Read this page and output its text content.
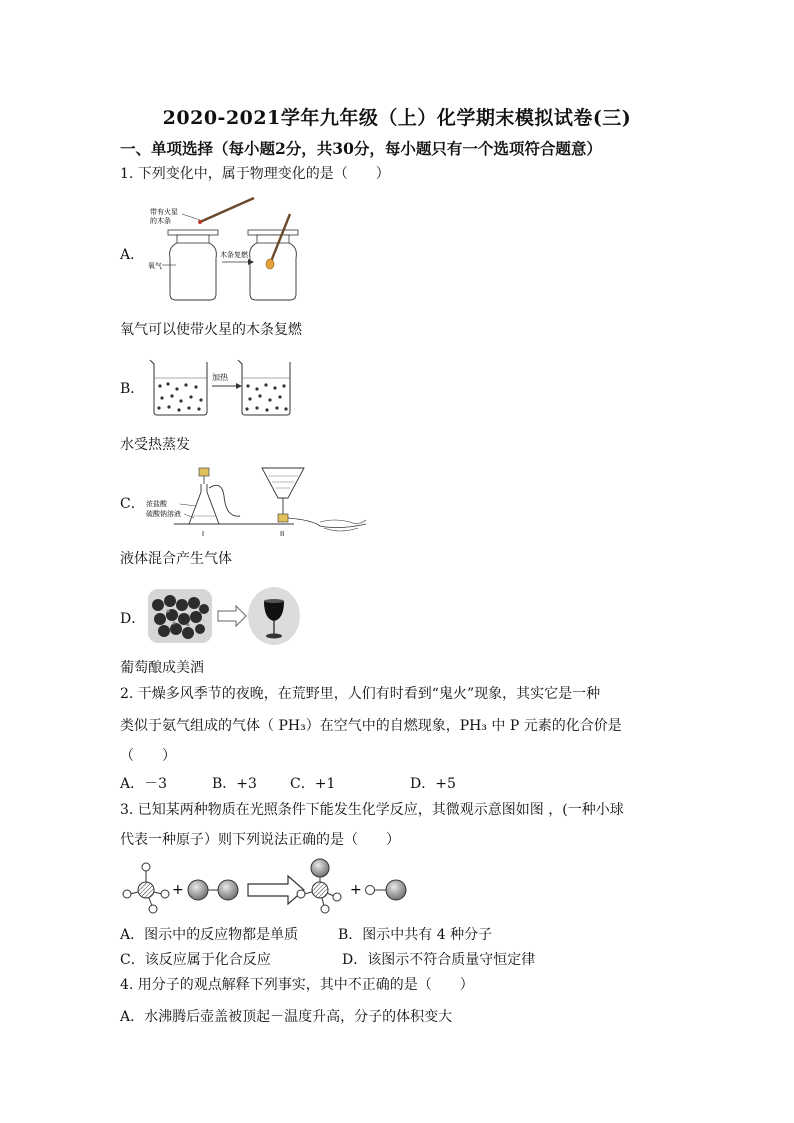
2020-2021学年九年级（上）化学期末模拟试卷(三)
一、单项选择（每小题2分，共30分，每小题只有一个选项符合题意）
1. 下列变化中，属于物理变化的是（　　）
A．
带有火星
的木条
氧气
木条复燃
氧气可以使带火星的木条复燃
B．
加热
水受热蒸发
C． 浓盐酸
硫酸钠溶液
I	II
液体混合产生气体
D．
葡萄酿成美酒
2. 干燥多风季节的夜晚，在荒野里，人们有时看到“鬼火”现象，其实它是一种
类似于氨气组成的气体（ PH₃）在空气中的自燃现象，PH₃ 中 P 元素的化合价是
（　　）
A．－3	B．+3 C．+1	D．+5
3. 已知某两种物质在光照条件下能发生化学反应，其微观示意图如图 ，(一种小球
代表一种原子）则下列说法正确的是（　　）
+	+
A．图示中的反应物都是单质	B．图示中共有 4 种分子
C．该反应属于化合反应	D．该图示不符合质量守恒定律
4. 用分子的观点解释下列事实，其中不正确的是（　　）
A．水沸腾后壶盖被顶起－温度升高，分子的体积变大
